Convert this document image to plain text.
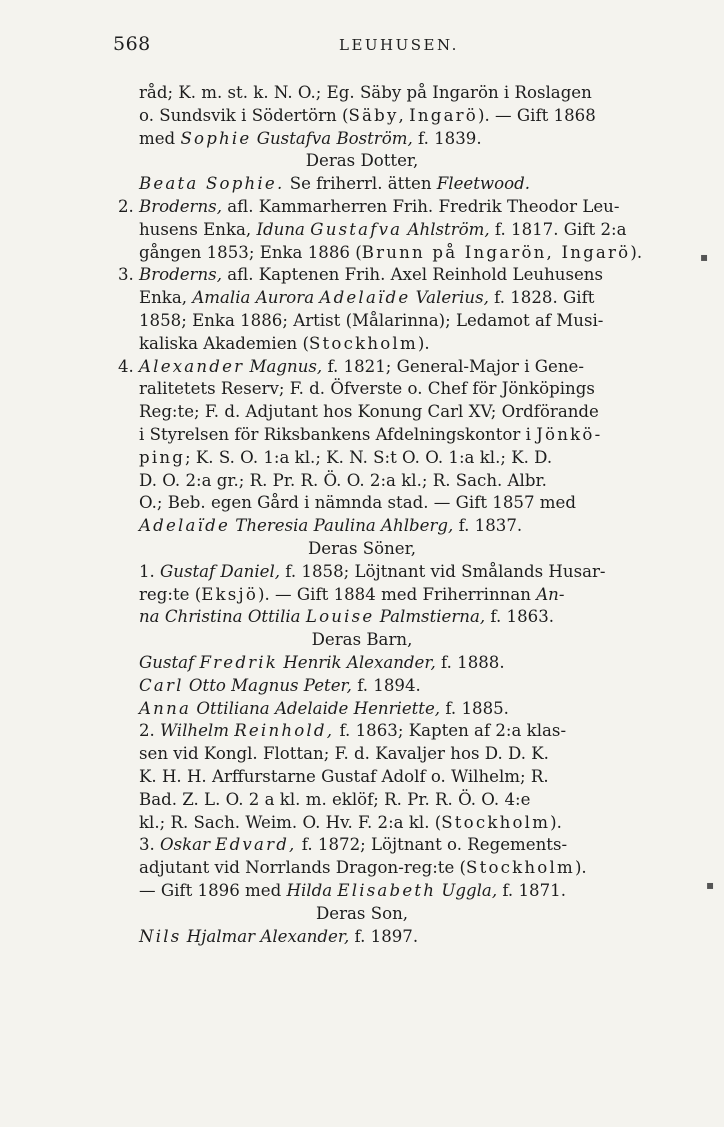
568	LEUHUSEN.
råd; K. m. st. k. N. O.; Eg. Säby på Ingarön i Roslagen
o. Sundsvik i Södertörn (Säby, Ingarö). — Gift 1868
med Sophie Gustafva Boström, f. 1839.
Deras Dotter,
Beata Sophie. Se friherrl. ätten Fleetwood.
2. Broderns, afl. Kammarherren Frih. Fredrik Theodor Leu-
husens Enka, Iduna Gustafva Ahlström, f. 1817. Gift 2:a
gången 1853; Enka 1886 (Brunn på Ingarön, Ingarö).
3. Broderns, afl. Kaptenen Frih. Axel Reinhold Leuhusens
Enka, Amalia Aurora Adelaïde Valerius, f. 1828. Gift
1858; Enka 1886; Artist (Målarinna); Ledamot af Musi-
kaliska Akademien (Stockholm).
4. Alexander Magnus, f. 1821; General-Major i Gene-
ralitetets Reserv; F. d. Öfverste o. Chef för Jönköpings
Reg:te; F. d. Adjutant hos Konung Carl XV; Ordförande
i Styrelsen för Riksbankens Afdelningskontor i Jönkö-
ping; K. S. O. 1:a kl.; K. N. S:t O. O. 1:a kl.; K. D.
D. O. 2:a gr.; R. Pr. R. Ö. O. 2:a kl.; R. Sach. Albr.
O.; Beb. egen Gård i nämnda stad. — Gift 1857 med
Adelaïde Theresia Paulina Ahlberg, f. 1837.
Deras Söner,
1. Gustaf Daniel, f. 1858; Löjtnant vid Smålands Husar-
reg:te (Eksjö). — Gift 1884 med Friherrinnan An-
na Christina Ottilia Louise Palmstierna, f. 1863.
Deras Barn,
Gustaf Fredrik Henrik Alexander, f. 1888.
Carl Otto Magnus Peter, f. 1894.
Anna Ottiliana Adelaide Henriette, f. 1885.
2. Wilhelm Reinhold, f. 1863; Kapten af 2:a klas-
sen vid Kongl. Flottan; F. d. Kavaljer hos D. D. K.
K. H. H. Arffurstarne Gustaf Adolf o. Wilhelm; R.
Bad. Z. L. O. 2 a kl. m. eklöf; R. Pr. R. Ö. O. 4:e
kl.; R. Sach. Weim. O. Hv. F. 2:a kl. (Stockholm).
3. Oskar Edvard, f. 1872; Löjtnant o. Regements-
adjutant vid Norrlands Dragon-reg:te (Stockholm).
— Gift 1896 med Hilda Elisabeth Uggla, f. 1871.
Deras Son,
Nils Hjalmar Alexander, f. 1897.
▪
▪
